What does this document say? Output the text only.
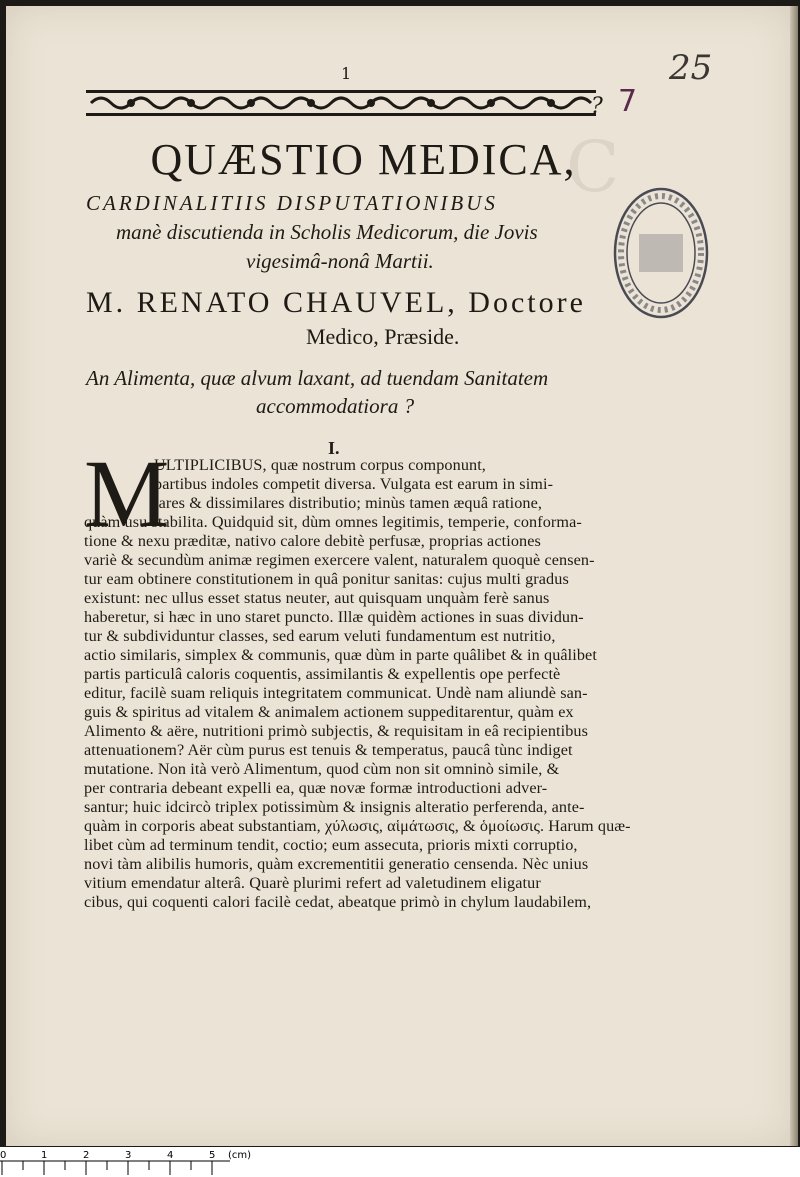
1	25
? 7
C
QUÆSTIO MEDICA,
CARDINALITIIS DISPUTATIONIBUS
manè discutienda in Scholis Medicorum, die Jovis
vigesimâ-nonâ Martii.
M. RENATO CHAUVEL, Doctore
Medico, Præside.
An Alimenta, quæ alvum laxant, ad tuendam Sanitatem
accommodatiora ?
I.
M
ULTIPLICIBUS, quæ nostrum corpus componunt,
partibus indoles competit diversa. Vulgata est earum in simi-
lares & dissimilares distributio; minùs tamen æquâ ratione,
quàm usu stabilita. Quidquid sit, dùm omnes legitimis, temperie, conforma-
tione & nexu præditæ, nativo calore debitè perfusæ, proprias actiones
variè & secundùm animæ regimen exercere valent, naturalem quoquè censen-
tur eam obtinere constitutionem in quâ ponitur sanitas: cujus multi gradus
existunt: nec ullus esset status neuter, aut quisquam unquàm ferè sanus
haberetur, si hæc in uno staret puncto. Illæ quidèm actiones in suas dividun-
tur & subdividuntur classes, sed earum veluti fundamentum est nutritio,
actio similaris, simplex & communis, quæ dùm in parte quâlibet & in quâlibet
partis particulâ caloris coquentis, assimilantis & expellentis ope perfectè
editur, facilè suam reliquis integritatem communicat. Undè nam aliundè san-
guis & spiritus ad vitalem & animalem actionem suppeditarentur, quàm ex
Alimento & aëre, nutritioni primò subjectis, & requisitam in eâ recipientibus
attenuationem? Aër cùm purus est tenuis & temperatus, paucâ tùnc indiget
mutatione. Non ità verò Alimentum, quod cùm non sit omninò simile, &
per contraria debeant expelli ea, quæ novæ formæ introductioni adver-
santur; huic idcircò triplex potissimùm & insignis alteratio perferenda, ante-
quàm in corporis abeat substantiam, χύλωσις, αἱμάτωσις, & ὁμοίωσις. Harum quæ-
libet cùm ad terminum tendit, coctio; eum assecuta, prioris mixti corruptio,
novi tàm alibilis humoris, quàm excrementitii generatio censenda. Nèc unius
vitium emendatur alterâ. Quarè plurimi refert ad valetudinem eligatur
cibus, qui coquenti calori facilè cedat, abeatque primò in chylum laudabilem,
0	1	2	3	4	5 (cm)
